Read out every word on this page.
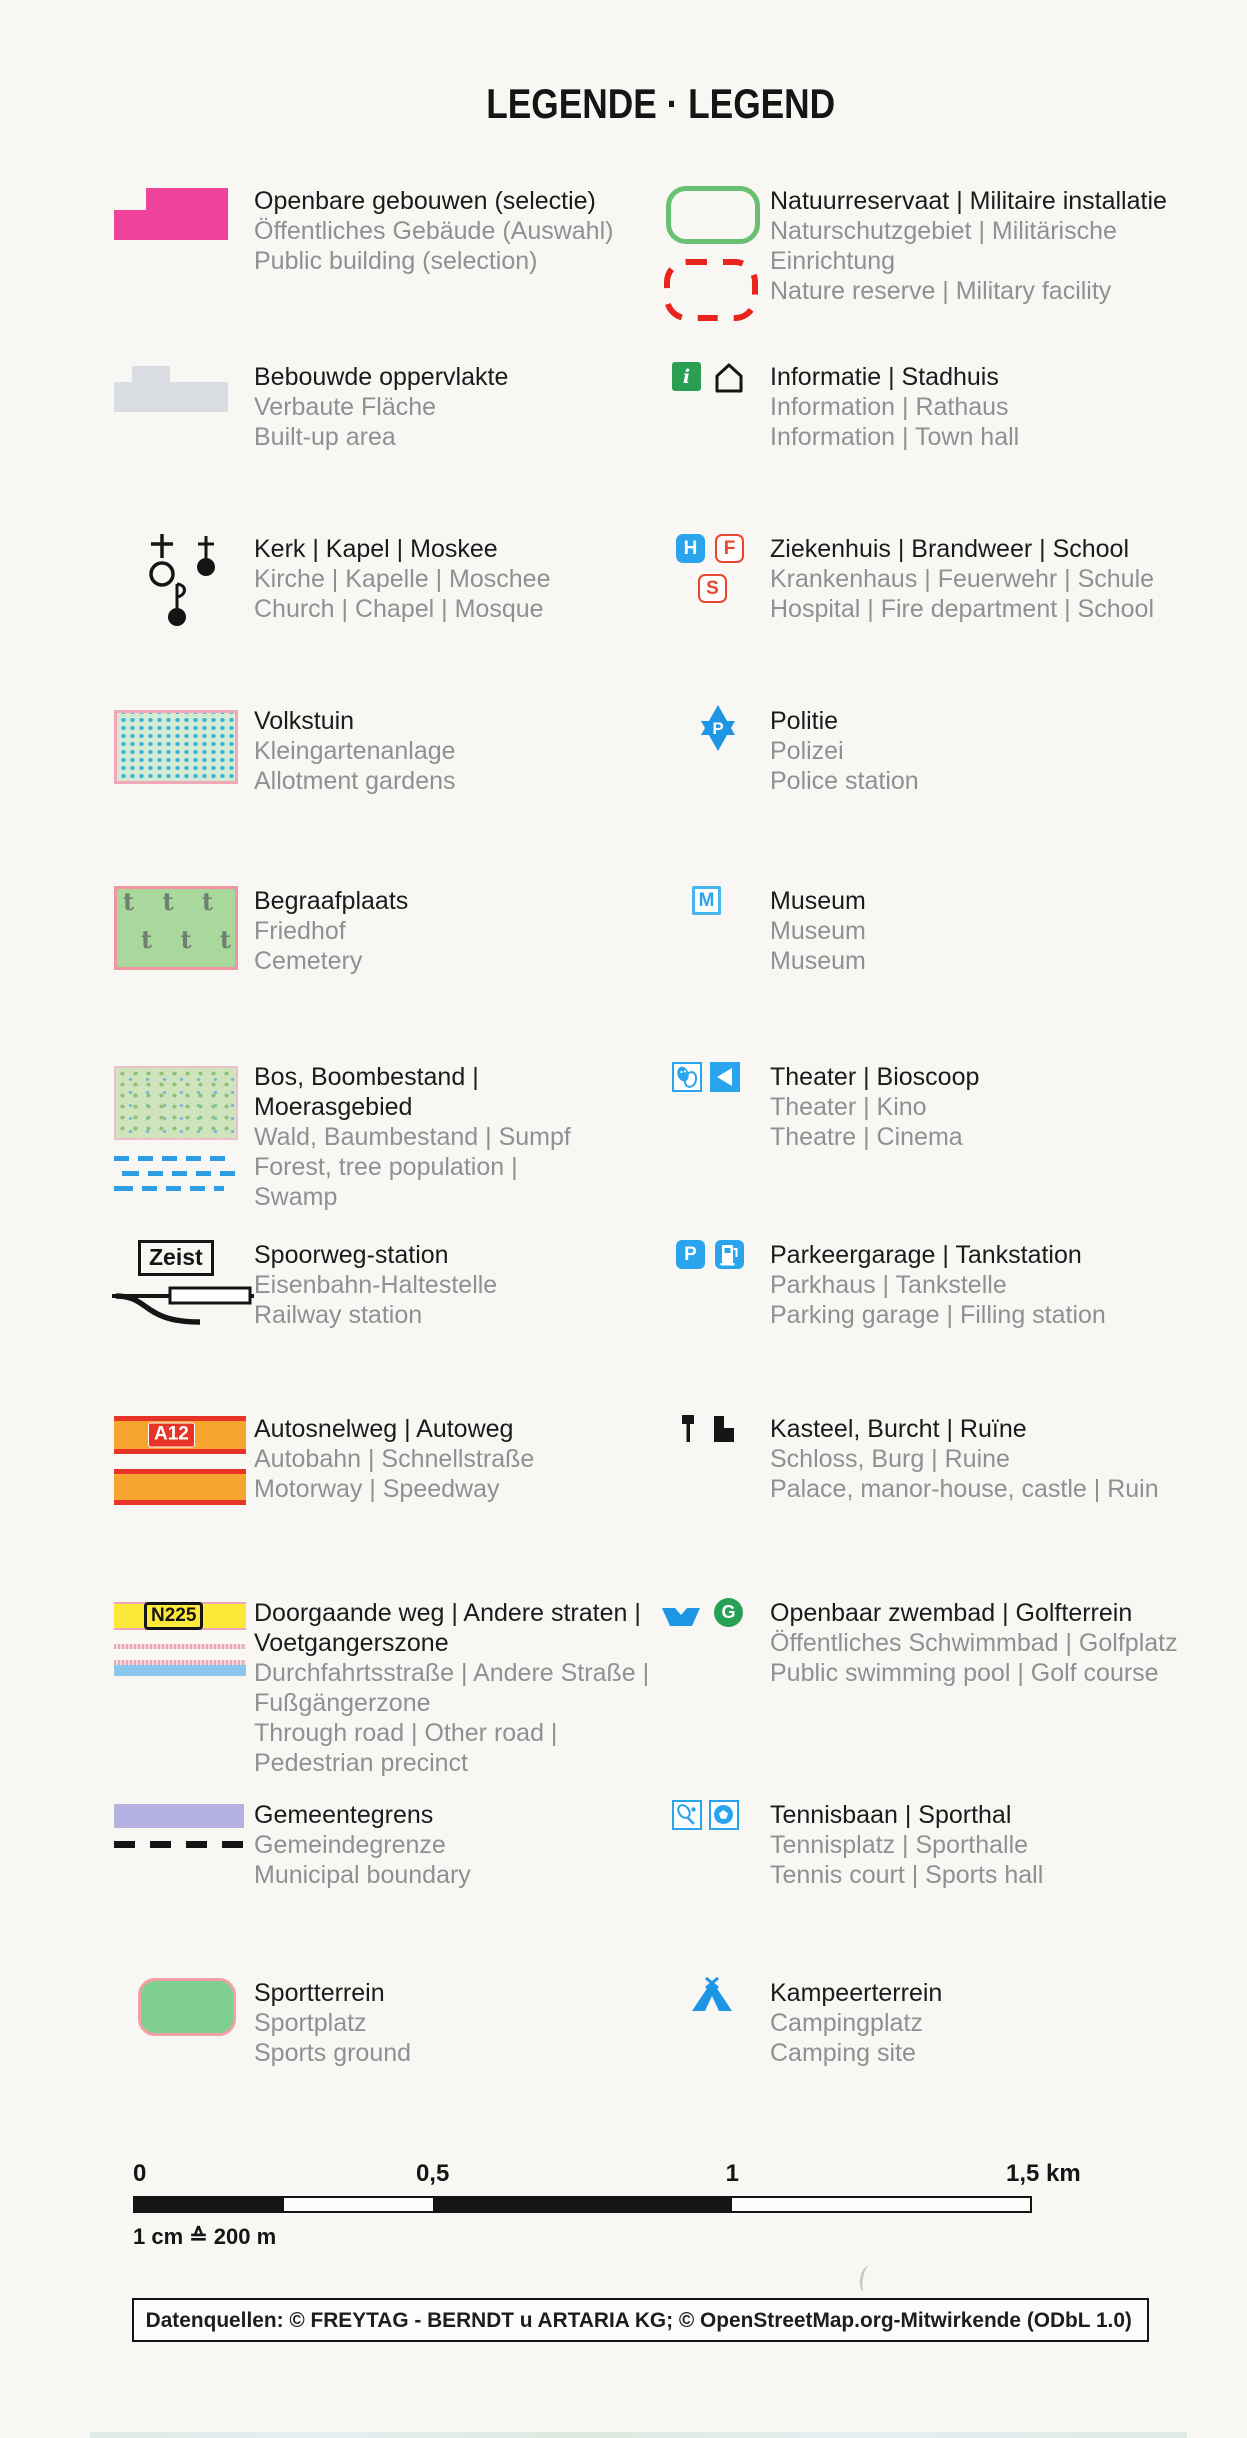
LEGENDE · LEGEND
Openbare gebouwen (selectie)
Öffentliches Gebäude (Auswahl)
Public building (selection)
Bebouwde oppervlakte
Verbaute Fläche
Built-up area
Kerk | Kapel | Moskee
Kirche | Kapelle | Moschee
Church | Chapel | Mosque
Volkstuin
Kleingartenanlage
Allotment gardens
t t t
t t t
Begraafplaats
Friedhof
Cemetery
Bos, Boombestand | Moerasgebied
Wald, Baumbestand | Sumpf
Forest, tree population | Swamp
Zeist	Spoorweg-station
Eisenbahn-Haltestelle
Railway station
A12	Autosnelweg | Autoweg
Autobahn | Schnellstraße
Motorway | Speedway
N225 Doorgaande weg | Andere straten | Voetgangerszone
Durchfahrtsstraße | Andere Straße | Fußgängerzone
Through road | Other road | Pedestrian precinct
Gemeentegrens
Gemeindegrenze
Municipal boundary
Sportterrein
Sportplatz
Sports ground
Natuurreservaat | Militaire installatie
Naturschutzgebiet | Militärische Einrichtung
Nature reserve | Military facility
i	Informatie | Stadhuis
Information | Rathaus
Information | Town hall
H	F
S
Ziekenhuis | Brandweer | School
Krankenhaus | Feuerwehr | Schule
Hospital | Fire department | School
P Politie
Polizei
Police station
M Museum
Museum
Museum
Theater | Bioscoop
Theater | Kino
Theatre | Cinema
P	Parkeergarage | Tankstation
Parkhaus | Tankstelle
Parking garage | Filling station
Kasteel, Burcht | Ruïne
Schloss, Burg | Ruine
Palace, manor-house, castle | Ruin
G	Openbaar zwembad | Golfterrein
Öffentliches Schwimmbad | Golfplatz
Public swimming pool | Golf course
Tennisbaan | Sporthal
Tennisplatz | Sporthalle
Tennis court | Sports hall
Kampeerterrein
Campingplatz
Camping site
0	0,5	1	1,5 km
1 cm ≙ 200 m
Datenquellen: © FREYTAG - BERNDT u ARTARIA KG; © OpenStreetMap.org-Mitwirkende (ODbL 1.0)
